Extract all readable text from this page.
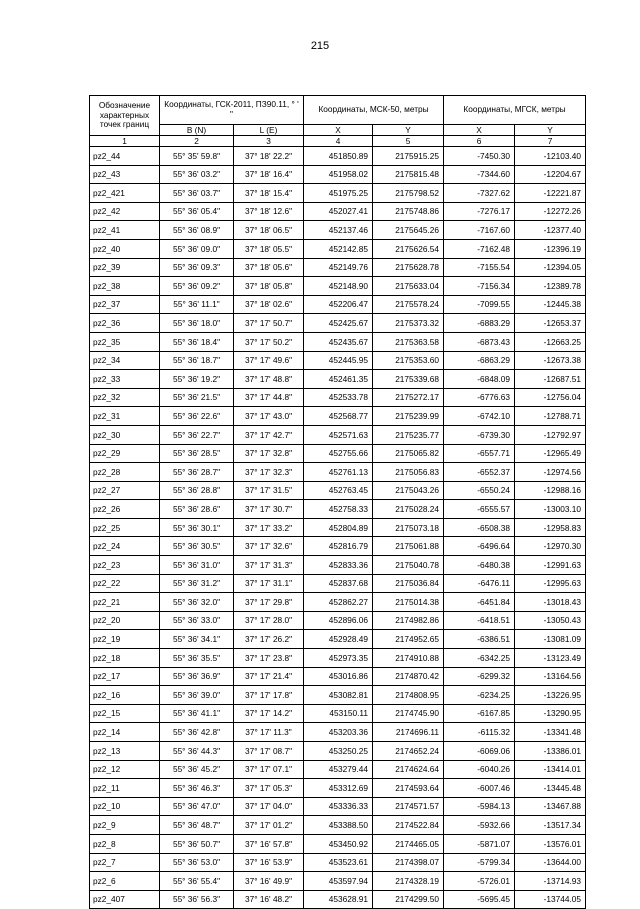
215
Обозначение характерных точек границ	Координаты, ГСК-2011, ПЗ90.11, ° ' "		Координаты, МСК-50, метры		Координаты, МГСК, метры	
	B (N)	L (E)	X	Y	X	Y
1	2	3	4	5	6	7
pz2_44	55° 35' 59.8"	37° 18' 22.2"	451850.89	2175915.25	-7450.30	-12103.40
pz2_43	55° 36' 03.2"	37° 18' 16.4"	451958.02	2175815.48	-7344.60	-12204.67
pz2_421	55° 36' 03.7"	37° 18' 15.4"	451975.25	2175798.52	-7327.62	-12221.87
pz2_42	55° 36' 05.4"	37° 18' 12.6"	452027.41	2175748.86	-7276.17	-12272.26
pz2_41	55° 36' 08.9"	37° 18' 06.5"	452137.46	2175645.26	-7167.60	-12377.40
pz2_40	55° 36' 09.0"	37° 18' 05.5"	452142.85	2175626.54	-7162.48	-12396.19
pz2_39	55° 36' 09.3"	37° 18' 05.6"	452149.76	2175628.78	-7155.54	-12394.05
pz2_38	55° 36' 09.2"	37° 18' 05.8"	452148.90	2175633.04	-7156.34	-12389.78
pz2_37	55° 36' 11.1"	37° 18' 02.6"	452206.47	2175578.24	-7099.55	-12445.38
pz2_36	55° 36' 18.0"	37° 17' 50.7"	452425.67	2175373.32	-6883.29	-12653.37
pz2_35	55° 36' 18.4"	37° 17' 50.2"	452435.67	2175363.58	-6873.43	-12663.25
pz2_34	55° 36' 18.7"	37° 17' 49.6"	452445.95	2175353.60	-6863.29	-12673.38
pz2_33	55° 36' 19.2"	37° 17' 48.8"	452461.35	2175339.68	-6848.09	-12687.51
pz2_32	55° 36' 21.5"	37° 17' 44.8"	452533.78	2175272.17	-6776.63	-12756.04
pz2_31	55° 36' 22.6"	37° 17' 43.0"	452568.77	2175239.99	-6742.10	-12788.71
pz2_30	55° 36' 22.7"	37° 17' 42.7"	452571.63	2175235.77	-6739.30	-12792.97
pz2_29	55° 36' 28.5"	37° 17' 32.8"	452755.66	2175065.82	-6557.71	-12965.49
pz2_28	55° 36' 28.7"	37° 17' 32.3"	452761.13	2175056.83	-6552.37	-12974.56
pz2_27	55° 36' 28.8"	37° 17' 31.5"	452763.45	2175043.26	-6550.24	-12988.16
pz2_26	55° 36' 28.6"	37° 17' 30.7"	452758.33	2175028.24	-6555.57	-13003.10
pz2_25	55° 36' 30.1"	37° 17' 33.2"	452804.89	2175073.18	-6508.38	-12958.83
pz2_24	55° 36' 30.5"	37° 17' 32.6"	452816.79	2175061.88	-6496.64	-12970.30
pz2_23	55° 36' 31.0"	37° 17' 31.3"	452833.36	2175040.78	-6480.38	-12991.63
pz2_22	55° 36' 31.2"	37° 17' 31.1"	452837.68	2175036.84	-6476.11	-12995.63
pz2_21	55° 36' 32.0"	37° 17' 29.8"	452862.27	2175014.38	-6451.84	-13018.43
pz2_20	55° 36' 33.0"	37° 17' 28.0"	452896.06	2174982.86	-6418.51	-13050.43
pz2_19	55° 36' 34.1"	37° 17' 26.2"	452928.49	2174952.65	-6386.51	-13081.09
pz2_18	55° 36' 35.5"	37° 17' 23.8"	452973.35	2174910.88	-6342.25	-13123.49
pz2_17	55° 36' 36.9"	37° 17' 21.4"	453016.86	2174870.42	-6299.32	-13164.56
pz2_16	55° 36' 39.0"	37° 17' 17.8"	453082.81	2174808.95	-6234.25	-13226.95
pz2_15	55° 36' 41.1"	37° 17' 14.2"	453150.11	2174745.90	-6167.85	-13290.95
pz2_14	55° 36' 42.8"	37° 17' 11.3"	453203.36	2174696.11	-6115.32	-13341.48
pz2_13	55° 36' 44.3"	37° 17' 08.7"	453250.25	2174652.24	-6069.06	-13386.01
pz2_12	55° 36' 45.2"	37° 17' 07.1"	453279.44	2174624.64	-6040.26	-13414.01
pz2_11	55° 36' 46.3"	37° 17' 05.3"	453312.69	2174593.64	-6007.46	-13445.48
pz2_10	55° 36' 47.0"	37° 17' 04.0"	453336.33	2174571.57	-5984.13	-13467.88
pz2_9	55° 36' 48.7"	37° 17' 01.2"	453388.50	2174522.84	-5932.66	-13517.34
pz2_8	55° 36' 50.7"	37° 16' 57.8"	453450.92	2174465.05	-5871.07	-13576.01
pz2_7	55° 36' 53.0"	37° 16' 53.9"	453523.61	2174398.07	-5799.34	-13644.00
pz2_6	55° 36' 55.4"	37° 16' 49.9"	453597.94	2174328.19	-5726.01	-13714.93
pz2_407	55° 36' 56.3"	37° 16' 48.2"	453628.91	2174299.50	-5695.45	-13744.05
